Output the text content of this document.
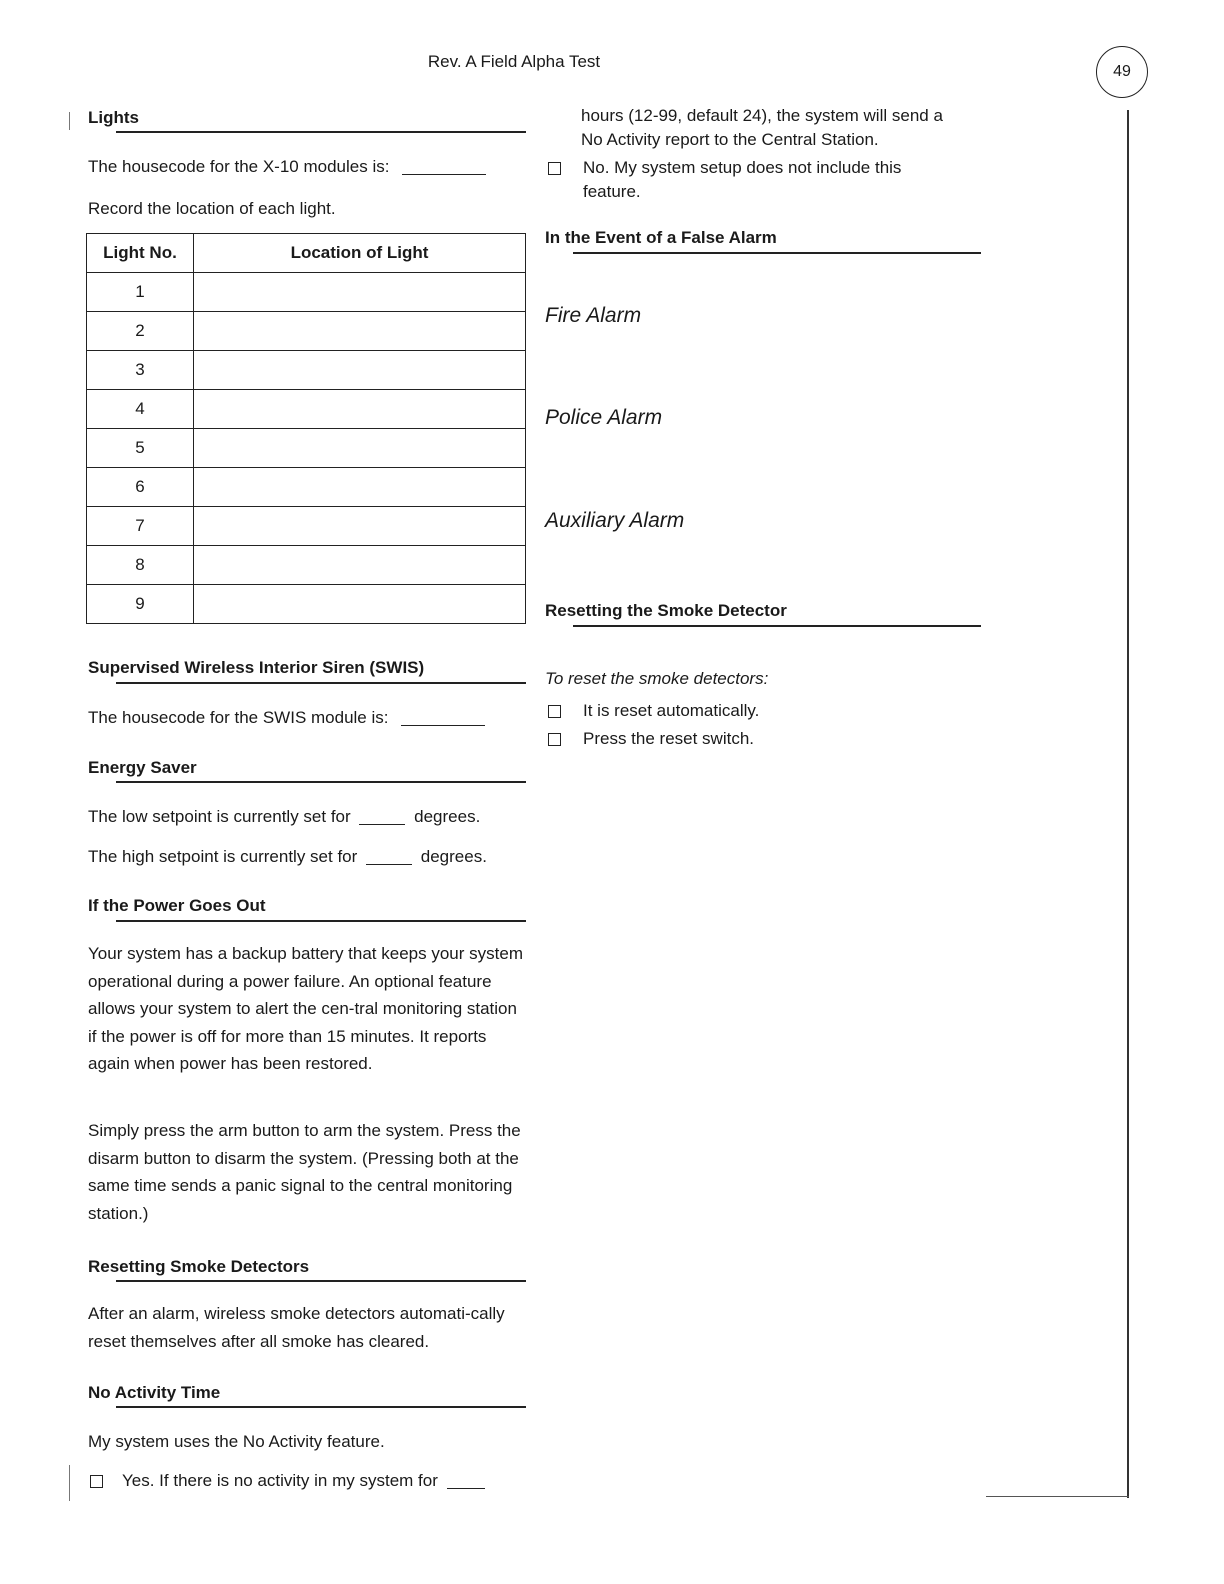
Rev. A Field Alpha Test
49
Lights
The housecode for the X-10 modules is:
Record the location of each light.
Light No.	Location of Light
1	
2	
3	
4	
5	
6	
7	
8	
9	
Supervised Wireless Interior Siren (SWIS)
The housecode for the SWIS module is:
Energy Saver
The low setpoint is currently set for	degrees.
The high setpoint is currently set for	degrees.
If the Power Goes Out
Your system has a backup battery that keeps your system operational during a power failure. An optional feature allows your system to alert the cen-tral monitoring station if the power is off for more than 15 minutes. It reports again when power has been restored.
Simply press the arm button to arm the system. Press the disarm button to disarm the system. (Pressing both at the same time sends a panic signal to the central monitoring station.)
Resetting Smoke Detectors
After an alarm, wireless smoke detectors automati-cally reset themselves after all smoke has cleared.
No Activity Time
My system uses the No Activity feature.
Yes. If there is no activity in my system for
hours (12-99, default 24), the system will send a
No Activity report to the Central Station.
No. My system setup does not include this
feature.
In the Event of a False Alarm
Fire Alarm
Police Alarm
Auxiliary Alarm
Resetting the Smoke Detector
To reset the smoke detectors:
It is reset automatically.
Press the reset switch.
